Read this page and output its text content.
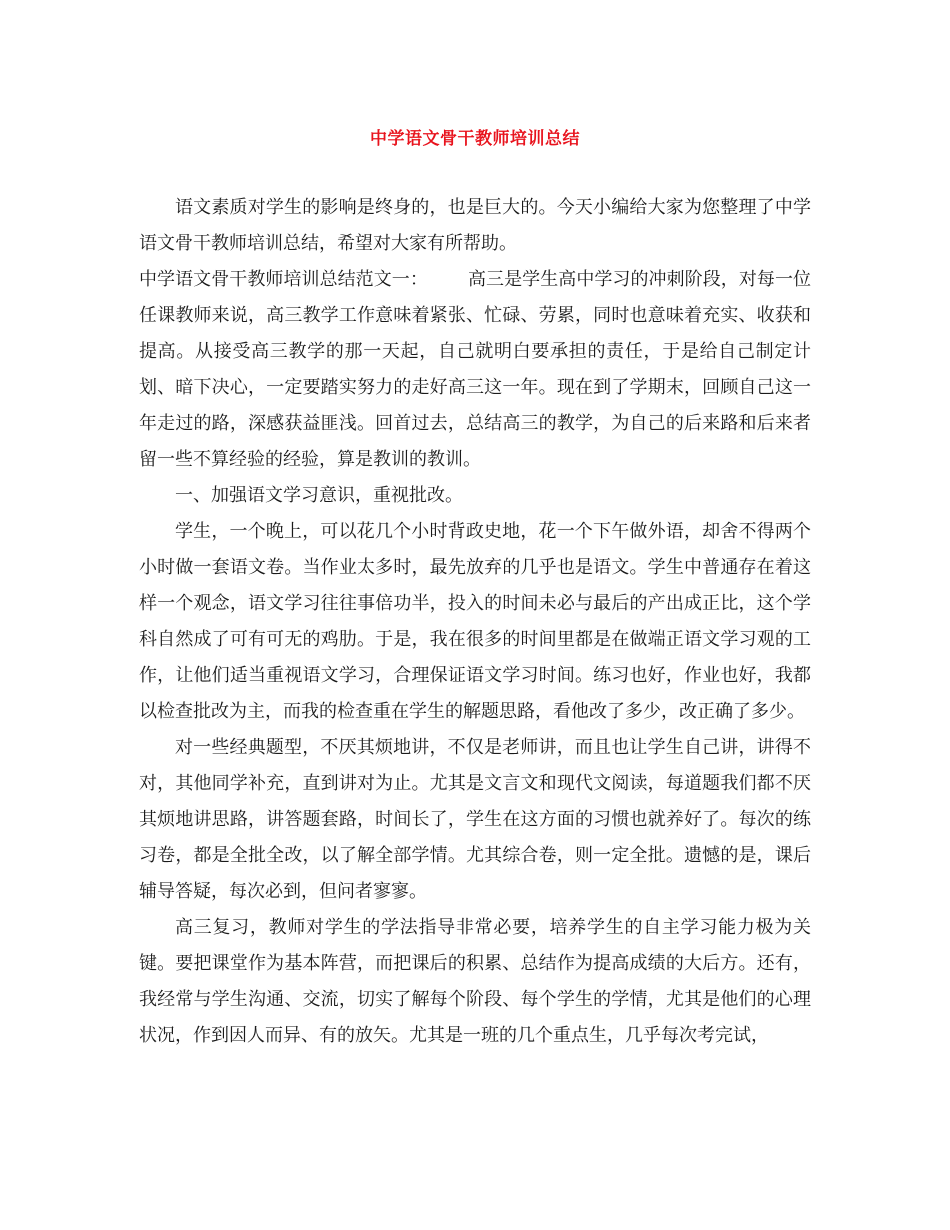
中学语文骨干教师培训总结

语文素质对学生的影响是终身的，也是巨大的。今天小编给大家为您整理了中学语文骨干教师培训总结，希望对大家有所帮助。

中学语文骨干教师培训总结范文一： 高三是学生高中学习的冲刺阶段，对每一位任课教师来说，高三教学工作意味着紧张、忙碌、劳累，同时也意味着充实、收获和提高。从接受高三教学的那一天起，自己就明白要承担的责任，于是给自己制定计划、暗下决心，一定要踏实努力的走好高三这一年。现在到了学期末，回顾自己这一年走过的路，深感获益匪浅。回首过去，总结高三的教学，为自己的后来路和后来者留一些不算经验的经验，算是教训的教训。

一、加强语文学习意识，重视批改。

学生，一个晚上，可以花几个小时背政史地，花一个下午做外语，却舍不得两个小时做一套语文卷。当作业太多时，最先放弃的几乎也是语文。学生中普通存在着这样一个观念，语文学习往往事倍功半，投入的时间未必与最后的产出成正比，这个学科自然成了可有可无的鸡肋。于是，我在很多的时间里都是在做端正语文学习观的工作，让他们适当重视语文学习，合理保证语文学习时间。练习也好，作业也好，我都以检查批改为主，而我的检查重在学生的解题思路，看他改了多少，改正确了多少。

对一些经典题型，不厌其烦地讲，不仅是老师讲，而且也让学生自己讲，讲得不对，其他同学补充，直到讲对为止。尤其是文言文和现代文阅读，每道题我们都不厌其烦地讲思路，讲答题套路，时间长了，学生在这方面的习惯也就养好了。每次的练习卷，都是全批全改，以了解全部学情。尤其综合卷，则一定全批。遗憾的是，课后辅导答疑，每次必到，但问者寥寥。

高三复习，教师对学生的学法指导非常必要，培养学生的自主学习能力极为关键。要把课堂作为基本阵营，而把课后的积累、总结作为提高成绩的大后方。还有，我经常与学生沟通、交流，切实了解每个阶段、每个学生的学情，尤其是他们的心理状况，作到因人而异、有的放矢。尤其是一班的几个重点生，几乎每次考完试，
